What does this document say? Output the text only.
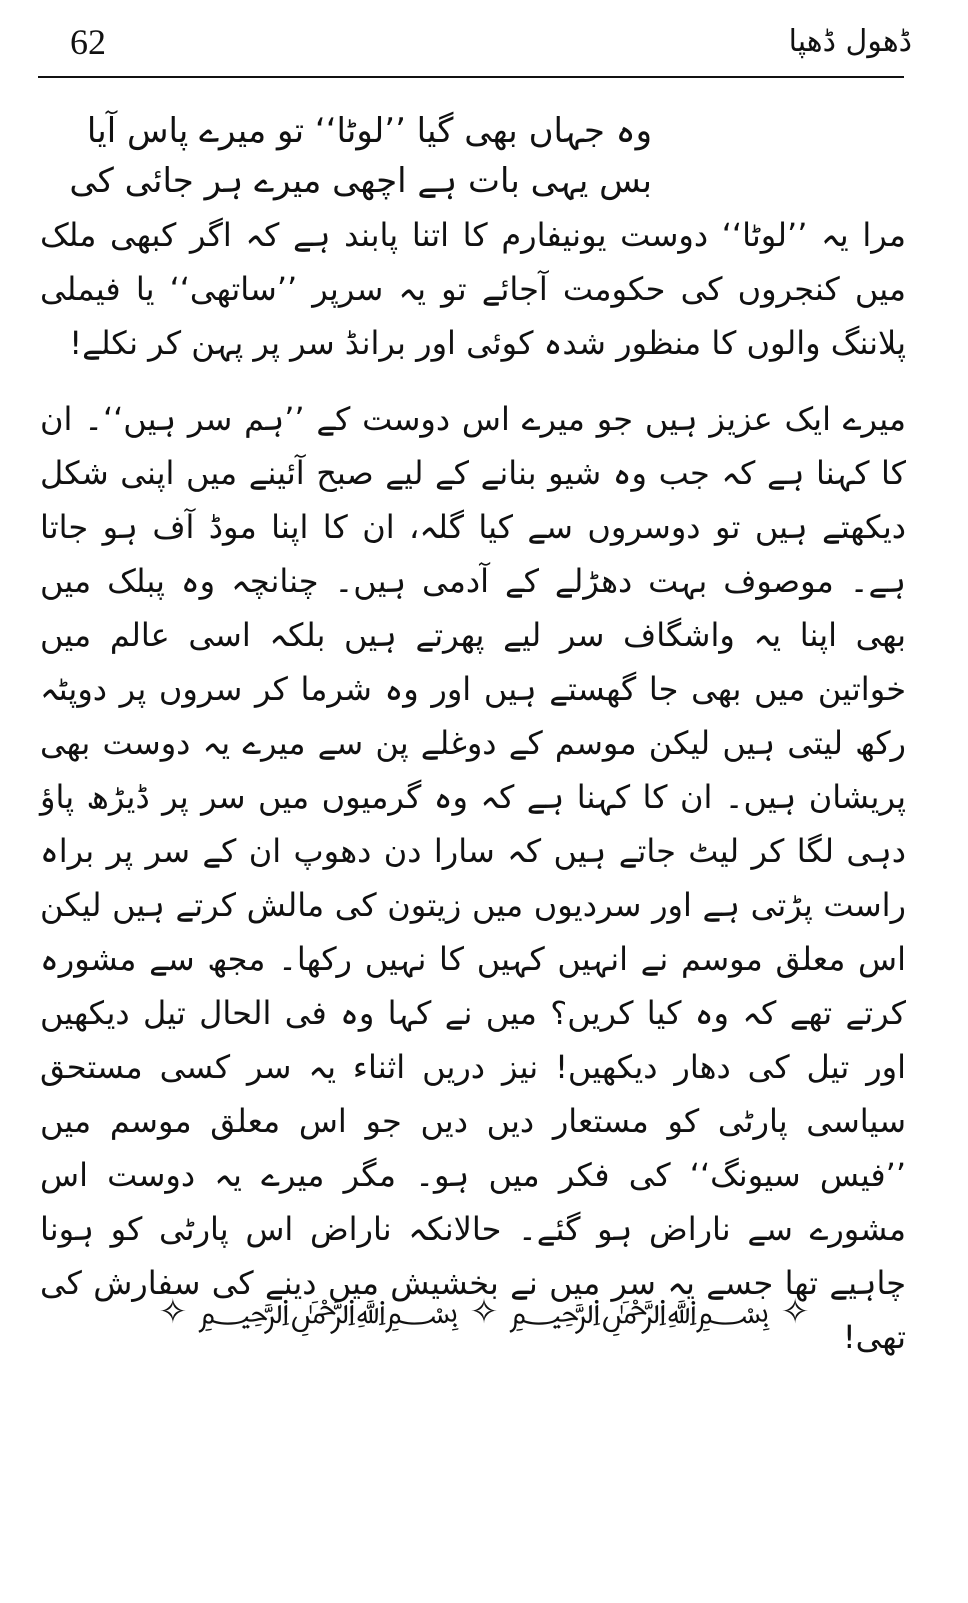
62	ڈھول ڈھپا

وہ جہاں بھی گیا ’’لوٹا‘‘ تو میرے پاس آیا

بس یہی بات ہے اچھی میرے ہر جائی کی

مرا یہ ’’لوٹا‘‘ دوست یونیفارم کا اتنا پابند ہے کہ اگر کبھی ملک میں کنجروں کی حکومت آجائے تو یہ سرپر ’’ساتھی‘‘ یا فیملی پلاننگ والوں کا منظور شدہ کوئی اور برانڈ سر پر پہن کر نکلے!

میرے ایک عزیز ہیں جو میرے اس دوست کے ’’ہم سر ہیں‘‘۔ ان کا کہنا ہے کہ جب وہ شیو بنانے کے لیے صبح آئینے میں اپنی شکل دیکھتے ہیں تو دوسروں سے کیا گلہ، ان کا اپنا موڈ آف ہو جاتا ہے۔ موصوف بہت دھڑلے کے آدمی ہیں۔ چنانچہ وہ پبلک میں بھی اپنا یہ واشگاف سر لیے پھرتے ہیں بلکہ اسی عالم میں خواتین میں بھی جا گھستے ہیں اور وہ شرما کر سروں پر دوپٹہ رکھ لیتی ہیں لیکن موسم کے دوغلے پن سے میرے یہ دوست بھی پریشان ہیں۔ ان کا کہنا ہے کہ وہ گرمیوں میں سر پر ڈیڑھ پاؤ دہی لگا کر لیٹ جاتے ہیں کہ سارا دن دھوپ ان کے سر پر براہ راست پڑتی ہے اور سردیوں میں زیتون کی مالش کرتے ہیں لیکن اس معلق موسم نے انہیں کہیں کا نہیں رکھا۔ مجھ سے مشورہ کرتے تھے کہ وہ کیا کریں؟ میں نے کہا وہ فی الحال تیل دیکھیں اور تیل کی دھار دیکھیں! نیز دریں اثناء یہ سر کسی مستحق سیاسی پارٹی کو مستعار دیں دیں جو اس معلق موسم میں ’’فیس سیونگ‘‘ کی فکر میں ہو۔ مگر میرے یہ دوست اس مشورے سے ناراض ہو گئے۔ حالانکہ ناراض اس پارٹی کو ہونا چاہیے تھا جسے یہ سر میں نے بخشیش میں دینے کی سفارش کی تھی!

✧ ﷽ ✧ ﷽ ✧
